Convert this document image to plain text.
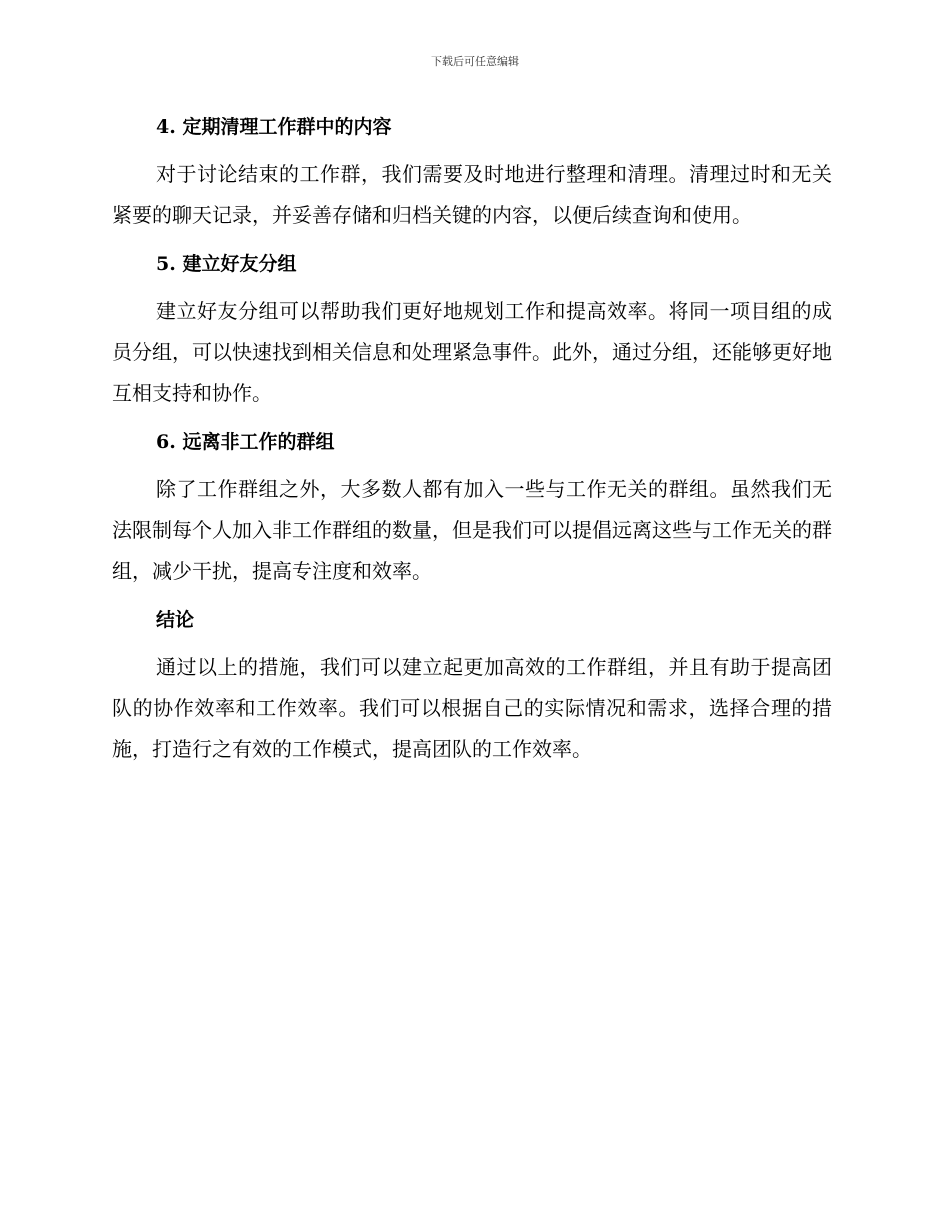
下载后可任意编辑
4. 定期清理工作群中的内容

对于讨论结束的工作群，我们需要及时地进行整理和清理。清理过时和无关紧要的聊天记录，并妥善存储和归档关键的内容，以便后续查询和使用。

5. 建立好友分组

建立好友分组可以帮助我们更好地规划工作和提高效率。将同一项目组的成员分组，可以快速找到相关信息和处理紧急事件。此外，通过分组，还能够更好地互相支持和协作。

6. 远离非工作的群组

除了工作群组之外，大多数人都有加入一些与工作无关的群组。虽然我们无法限制每个人加入非工作群组的数量，但是我们可以提倡远离这些与工作无关的群组，减少干扰，提高专注度和效率。

结论

通过以上的措施，我们可以建立起更加高效的工作群组，并且有助于提高团队的协作效率和工作效率。我们可以根据自己的实际情况和需求，选择合理的措施，打造行之有效的工作模式，提高团队的工作效率。
